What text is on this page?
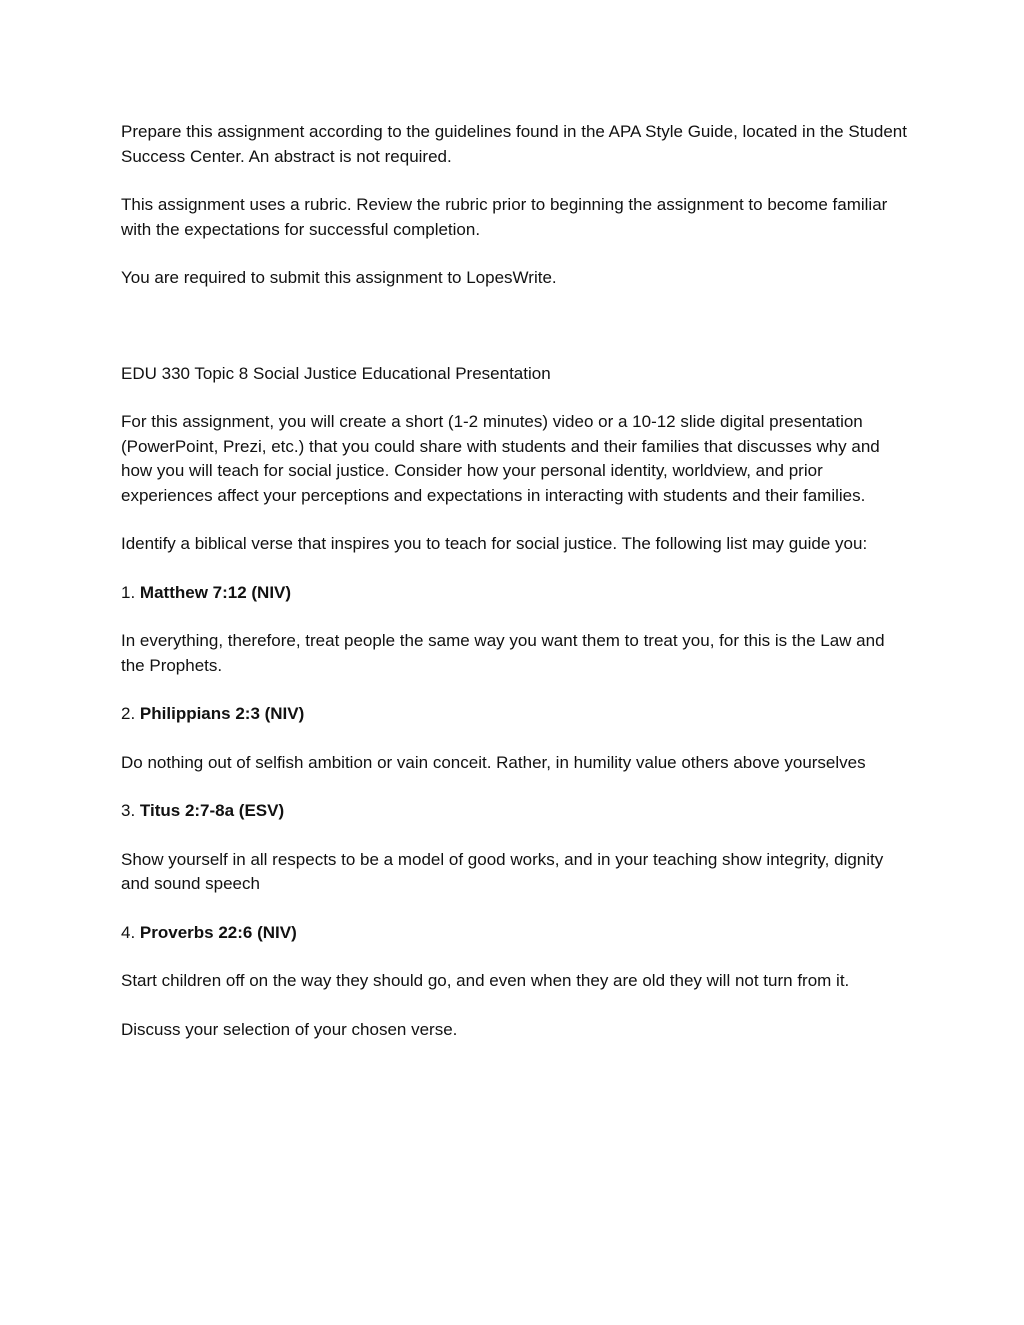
Prepare this assignment according to the guidelines found in the APA Style Guide, located in the Student Success Center. An abstract is not required.

This assignment uses a rubric. Review the rubric prior to beginning the assignment to become familiar with the expectations for successful completion.

You are required to submit this assignment to LopesWrite.

EDU 330 Topic 8 Social Justice Educational Presentation

For this assignment, you will create a short (1-2 minutes) video or a 10-12 slide digital presentation (PowerPoint, Prezi, etc.) that you could share with students and their families that discusses why and how you will teach for social justice. Consider how your personal identity, worldview, and prior experiences affect your perceptions and expectations in interacting with students and their families.

Identify a biblical verse that inspires you to teach for social justice. The following list may guide you:

1. Matthew 7:12 (NIV)

In everything, therefore, treat people the same way you want them to treat you, for this is the Law and the Prophets.

2. Philippians 2:3 (NIV)

Do nothing out of selfish ambition or vain conceit. Rather, in humility value others above yourselves

3. Titus 2:7-8a (ESV)

Show yourself in all respects to be a model of good works, and in your teaching show integrity, dignity and sound speech

4. Proverbs 22:6 (NIV)

Start children off on the way they should go, and even when they are old they will not turn from it.

Discuss your selection of your chosen verse.
